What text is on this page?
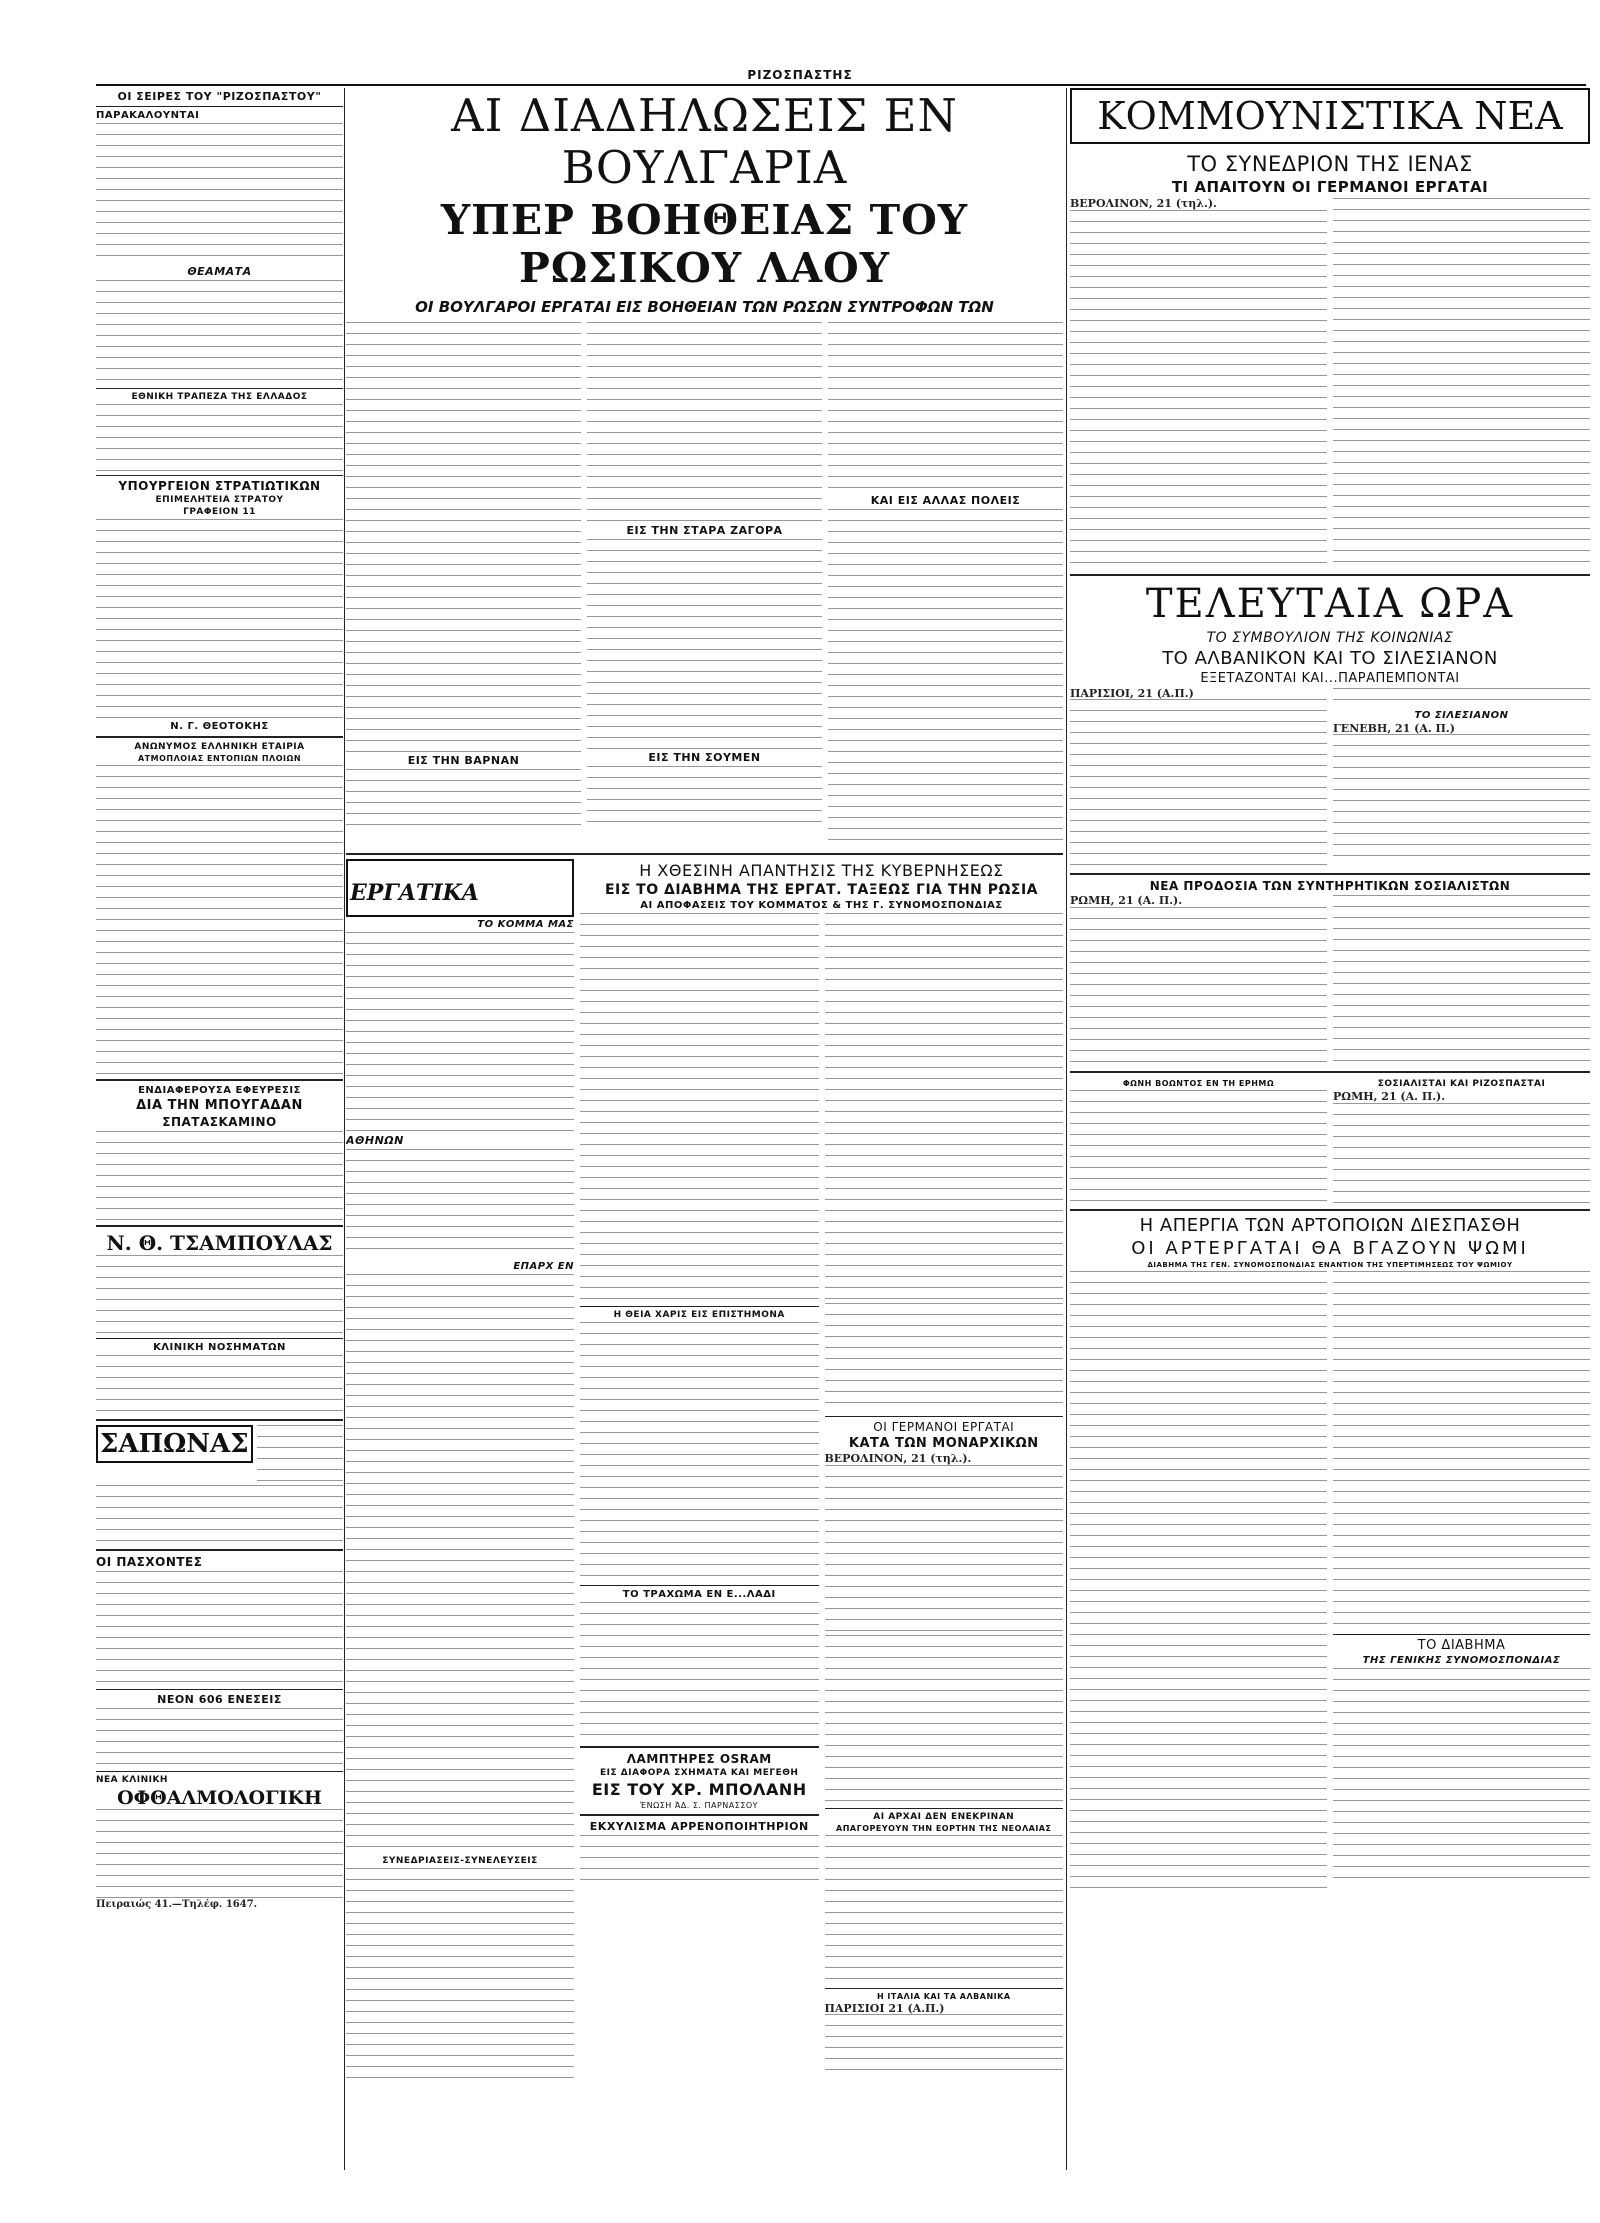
ΡΙΖΟΣΠΑΣΤΗΣ
ΟΙ ΣΕΙΡΕΣ ΤΟΥ "ΡΙΖΟΣΠΑΣΤΟΥ"
ΠΑΡΑΚΑΛΟΥΝΤΑΙ
ΘΕΑΜΑΤΑ
ΕΘΝΙΚΗ ΤΡΑΠΕΖΑ ΤΗΣ ΕΛΛΑΔΟΣ
ΥΠΟΥΡΓΕΙΟΝ ΣΤΡΑΤΙΩΤΙΚΩΝ
ΕΠΙΜΕΛΗΤΕΙΑ ΣΤΡΑΤΟΥ
ΓΡΑΦΕΙΟΝ 11
Ν. Γ. ΘΕΟΤΟΚΗΣ
ΑΝΩΝΥΜΟΣ ΕΛΛΗΝΙΚΗ ΕΤΑΙΡΙΑ
ΑΤΜΟΠΛΟΙΑΣ ΕΝΤΟΠΙΩΝ ΠΛΟΙΩΝ
ΕΝΔΙΑΦΕΡΟΥΣΑ ΕΦΕΥΡΕΣΙΣ
ΔΙΑ ΤΗΝ ΜΠΟΥΓΑΔΑΝ
ΣΠΑΤΑΣΚΑΜΙΝΟ
Ν. Θ. ΤΣΑΜΠΟΥΛΑΣ
ΚΛΙΝΙΚΗ ΝΟΣΗΜΑΤΩΝ
ΣΑΠΩΝΑΣ
ΟΙ ΠΑΣΧΟΝΤΕΣ
ΝΕΟΝ 606 ΕΝΕΣΕΙΣ
ΝΕΑ ΚΛΙΝΙΚΗ
ΟΦΘΑΛΜΟΛΟΓΙΚΗ
Πειραιώς 41.—Τηλέφ. 1647.
ΑΙ ΔΙΑΔΗΛΩΣΕΙΣ ΕΝ ΒΟΥΛΓΑΡΙΑ
ΥΠΕΡ ΒΟΗΘΕΙΑΣ ΤΟΥ ΡΩΣΙΚΟΥ ΛΑΟΥ
ΟΙ ΒΟΥΛΓΑΡΟΙ ΕΡΓΑΤΑΙ ΕΙΣ ΒΟΗΘΕΙΑΝ ΤΩΝ ΡΩΣΩΝ ΣΥΝΤΡΟΦΩΝ ΤΩΝ
ΕΙΣ ΤΗΝ ΒΑΡΝΑΝ
ΕΙΣ ΤΗΝ ΣΤΑΡΑ ΖΑΓΟΡΑ
ΕΙΣ ΤΗΝ ΣΟΥΜΕΝ
ΚΑΙ ΕΙΣ ΑΛΛΑΣ ΠΟΛΕΙΣ
ΕΡΓΑΤΙΚΑ
ΤΟ ΚΟΜΜΑ ΜΑΣ
ΑΘΗΝΩΝ
ΕΠΑΡΧ ΕΝ
ΣΥΝΕΔΡΙΑΣΕΙΣ-ΣΥΝΕΛΕΥΣΕΙΣ
Η ΧΘΕΣΙΝΗ ΑΠΑΝΤΗΣΙΣ ΤΗΣ ΚΥΒΕΡΝΗΣΕΩΣ
ΕΙΣ ΤΟ ΔΙΑΒΗΜΑ ΤΗΣ ΕΡΓΑΤ. ΤΑΞΕΩΣ ΓΙΑ ΤΗΝ ΡΩΣΙΑ
ΑΙ ΑΠΟΦΑΣΕΙΣ ΤΟΥ ΚΟΜΜΑΤΟΣ & ΤΗΣ Γ. ΣΥΝΟΜΟΣΠΟΝΔΙΑΣ
Η ΘΕΙΑ ΧΑΡΙΣ ΕΙΣ ΕΠΙΣΤΗΜΟΝΑ
ΤΟ ΤΡΑΧΩΜΑ ΕΝ Ε...ΛΑΔΙ
ΛΑΜΠΤΗΡΕΣ OSRAM
ΕΙΣ ΔΙΑΦΟΡΑ ΣΧΗΜΑΤΑ ΚΑΙ ΜΕΓΕΘΗ
ΕΙΣ ΤΟΥ ΧΡ. ΜΠΟΛΑΝΗ
ἙΝΩΣΗ ἈΔ. Σ. ΠΑΡΝΑΣΣΟΥ
ΕΚΧΥΛΙΣΜΑ ΑΡΡΕΝΟΠΟΙΗΤΗΡΙΟΝ
ΟΙ ΓΕΡΜΑΝΟΙ ΕΡΓΑΤΑΙ
ΚΑΤΑ ΤΩΝ ΜΟΝΑΡΧΙΚΩΝ
ΒΕΡΟΛΙΝΟΝ, 21 (τηλ.).
ΑΙ ΑΡΧΑΙ ΔΕΝ ΕΝΕΚΡΙΝΑΝ
ΑΠΑΓΟΡΕΥΟΥΝ ΤΗΝ ΕΟΡΤΗΝ ΤΗΣ ΝΕΟΛΑΙΑΣ
Η ΙΤΑΛΙΑ ΚΑΙ ΤΑ ΑΛΒΑΝΙΚΑ
ΠΑΡΙΣΙΟΙ 21 (Α.Π.)
ΚΟΜΜΟΥΝΙΣΤΙΚΑ ΝΕΑ
ΤΟ ΣΥΝΕΔΡΙΟΝ ΤΗΣ ΙΕΝΑΣ
ΤΙ ΑΠΑΙΤΟΥΝ ΟΙ ΓΕΡΜΑΝΟΙ ΕΡΓΑΤΑΙ
ΒΕΡΟΛΙΝΟΝ, 21 (τηλ.).
ΤΕΛΕΥΤΑΙΑ ΩΡΑ
ΤΟ ΣΥΜΒΟΥΛΙΟΝ ΤΗΣ ΚΟΙΝΩΝΙΑΣ
ΤΟ ΑΛΒΑΝΙΚΟΝ ΚΑΙ ΤΟ ΣΙΛΕΣΙΑΝΟΝ
ΕΞΕΤΑΖΟΝΤΑΙ ΚΑΙ...ΠΑΡΑΠΕΜΠΟΝΤΑΙ
ΠΑΡΙΣΙΟΙ, 21 (Α.Π.)
ΤΟ ΣΙΛΕΣΙΑΝΟΝ
ΓΕΝΕΒΗ, 21 (Α. Π.)
ΝΕΑ ΠΡΟΔΟΣΙΑ ΤΩΝ ΣΥΝΤΗΡΗΤΙΚΩΝ ΣΟΣΙΑΛΙΣΤΩΝ
ΡΩΜΗ, 21 (Α. Π.).
ΦΩΝΗ ΒΟΩΝΤΟΣ ΕΝ ΤΗ ΕΡΗΜΩ	ΣΟΣΙΑΛΙΣΤΑΙ ΚΑΙ ΡΙΖΟΣΠΑΣΤΑΙ
ΡΩΜΗ, 21 (Α. Π.).
Η ΑΠΕΡΓΙΑ ΤΩΝ ΑΡΤΟΠΟΙΩΝ ΔΙΕΣΠΑΣΘΗ
ΟΙ ΑΡΤΕΡΓΑΤΑΙ ΘΑ ΒΓΑΖΟΥΝ ΨΩΜΙ
ΔΙΑΒΗΜΑ ΤΗΣ ΓΕΝ. ΣΥΝΟΜΟΣΠΟΝΔΙΑΣ ΕΝΑΝΤΙΟΝ ΤΗΣ ΥΠΕΡΤΙΜΗΣΕΩΣ ΤΟΥ ΨΩΜΙΟΥ
ΤΟ ΔΙΑΒΗΜΑ
ΤΗΣ ΓΕΝΙΚΗΣ ΣΥΝΟΜΟΣΠΟΝΔΙΑΣ
